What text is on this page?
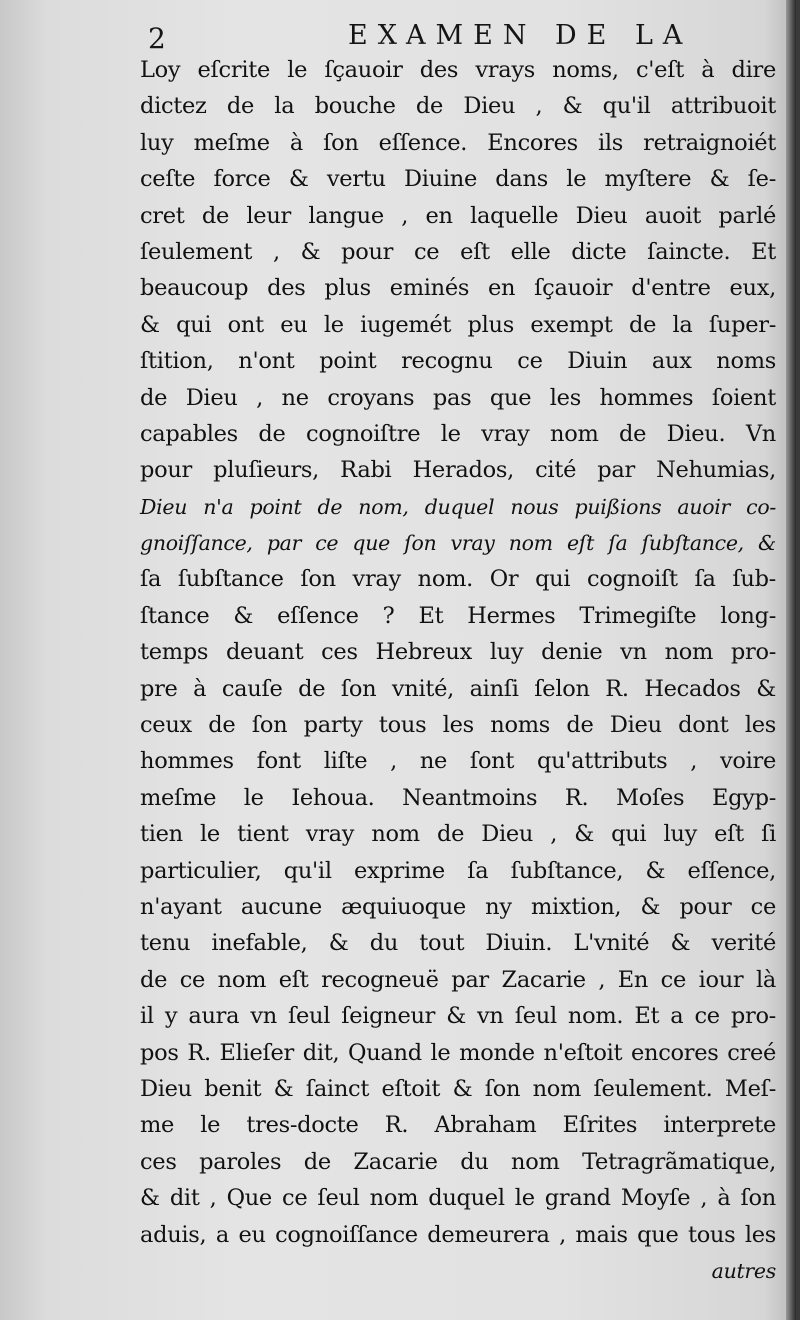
2	EXAMEN DE LA
Loy eſcrite le ſçauoir des vrays noms, c'eſt à dire
dictez de la bouche de Dieu , & qu'il attribuoit
luy meſme à ſon eſſence. Encores ils retraignoiét
ceſte force & vertu Diuine dans le myſtere & ſe-
cret de leur langue , en laquelle Dieu auoit parlé
ſeulement , & pour ce eſt elle dicte ſaincte. Et
beaucoup des plus eminés en ſçauoir d'entre eux,
& qui ont eu le iugemét plus exempt de la ſuper-
ſtition, n'ont point recognu ce Diuin aux noms
de Dieu , ne croyans pas que les hommes ſoient
capables de cognoiſtre le vray nom de Dieu. Vn
pour pluſieurs, Rabi Herados, cité par Nehumias,
Dieu n'a point de nom, duquel nous puißions auoir co-
gnoiſſance, par ce que ſon vray nom eſt ſa ſubſtance, &
ſa ſubſtance ſon vray nom. Or qui cognoiſt ſa ſub-
ſtance & eſſence ? Et Hermes Trimegiſte long-
temps deuant ces Hebreux luy denie vn nom pro-
pre à cauſe de ſon vnité, ainſi ſelon R. Hecados &
ceux de ſon party tous les noms de Dieu dont les
hommes font liſte , ne ſont qu'attributs , voire
meſme le Iehoua. Neantmoins R. Moſes Egyp-
tien le tient vray nom de Dieu , & qui luy eſt ſi
particulier, qu'il exprime ſa ſubſtance, & eſſence,
n'ayant aucune æquiuoque ny mixtion, & pour ce
tenu inefable, & du tout Diuin. L'vnité & verité
de ce nom eſt recogneuë par Zacarie , En ce iour là
il y aura vn ſeul ſeigneur & vn ſeul nom. Et a ce pro-
pos R. Elieſer dit, Quand le monde n'eſtoit encores creé
Dieu benit & ſainct eſtoit & ſon nom ſeulement. Meſ-
me le tres-docte R. Abraham Eſrites interprete
ces paroles de Zacarie du nom Tetragrãmatique,
& dit , Que ce ſeul nom duquel le grand Moyſe , à ſon
aduis, a eu cognoiſſance demeurera , mais que tous les
autres
